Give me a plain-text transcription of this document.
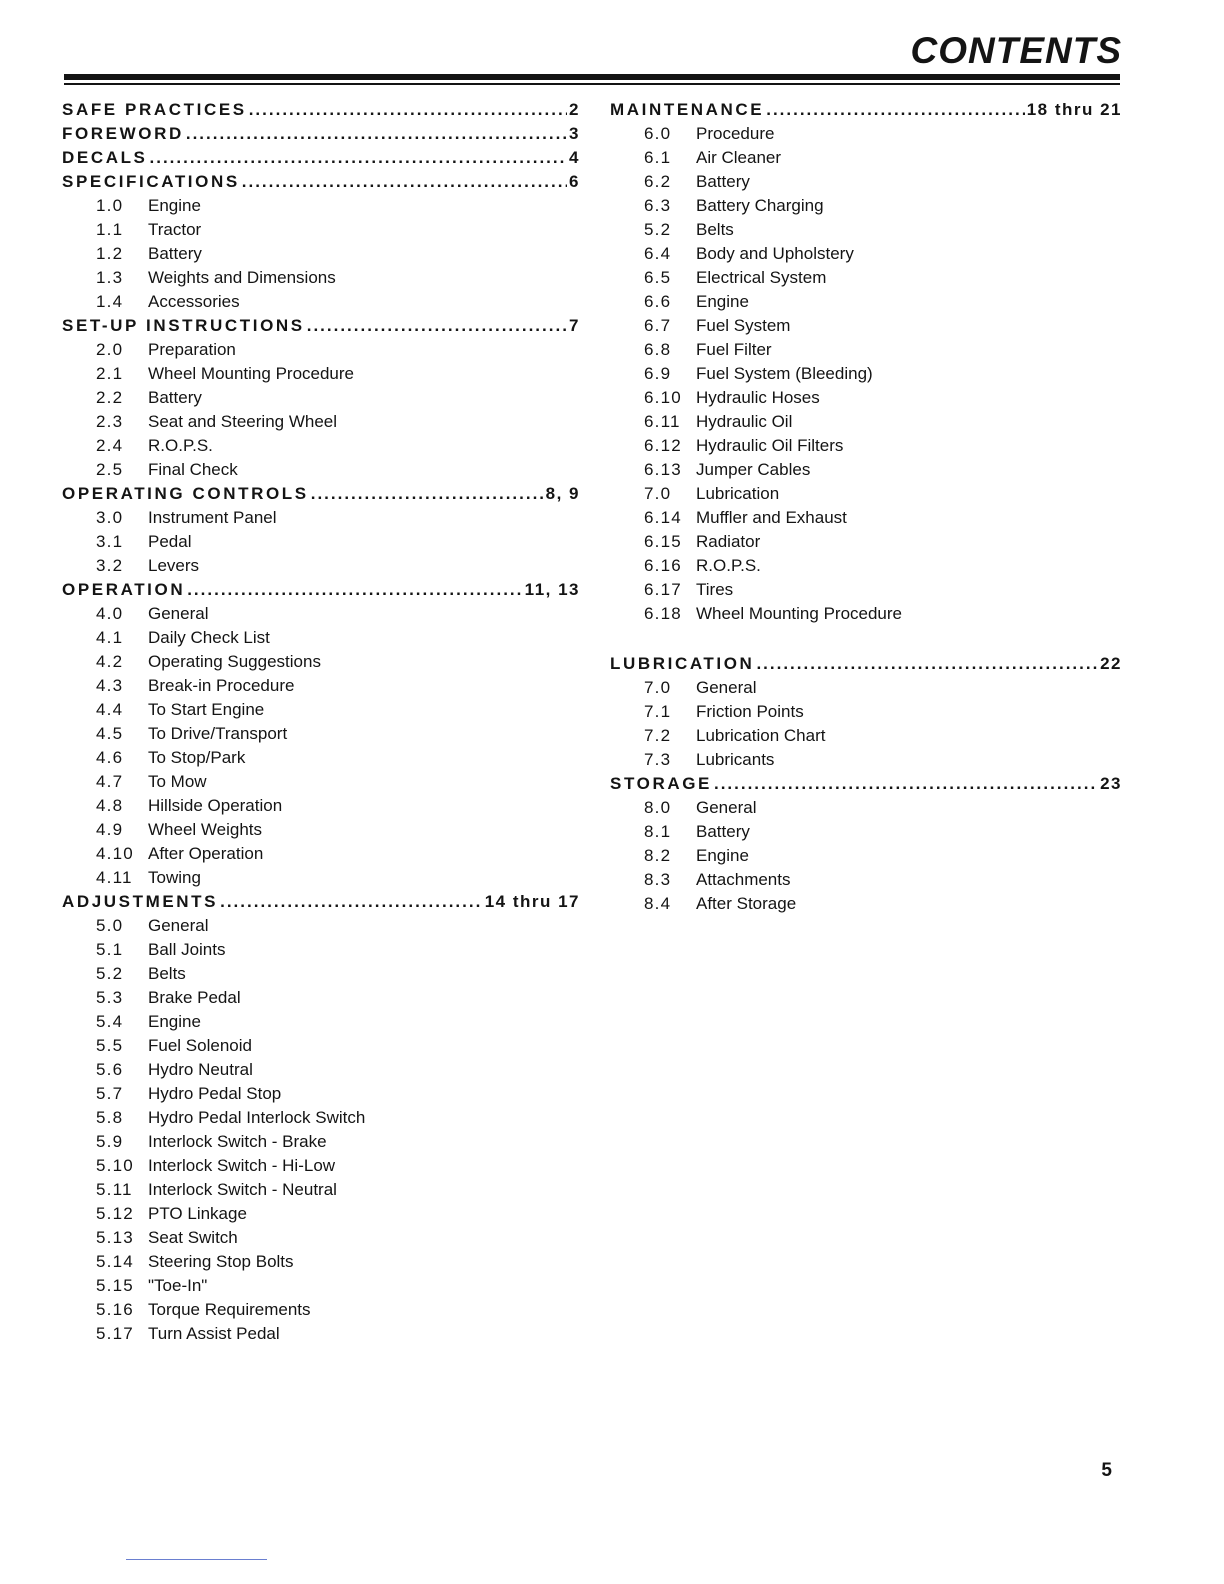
CONTENTS
SAFE PRACTICES .....	2
FOREWORD .....	3
DECALS .....	4
SPECIFICATIONS .....	6
1.0	Engine
1.1	Tractor
1.2	Battery
1.3	Weights and Dimensions
1.4	Accessories
SET-UP INSTRUCTIONS .....	7
2.0	Preparation
2.1	Wheel Mounting Procedure
2.2	Battery
2.3	Seat and Steering Wheel
2.4	R.O.P.S.
2.5	Final Check
OPERATING CONTROLS .....	8, 9
3.0	Instrument Panel
3.1	Pedal
3.2	Levers
OPERATION .....	11, 13
4.0	General
4.1	Daily Check List
4.2	Operating Suggestions
4.3	Break-in Procedure
4.4	To Start Engine
4.5	To Drive/Transport
4.6	To Stop/Park
4.7	To Mow
4.8	Hillside Operation
4.9	Wheel Weights
4.10 After Operation
4.11 Towing
ADJUSTMENTS .....	14 thru 17
5.0	General
5.1	Ball Joints
5.2	Belts
5.3	Brake Pedal
5.4	Engine
5.5	Fuel Solenoid
5.6	Hydro Neutral
5.7	Hydro Pedal Stop
5.8	Hydro Pedal Interlock Switch
5.9	Interlock Switch - Brake
5.10 Interlock Switch - Hi-Low
5.11 Interlock Switch - Neutral
5.12 PTO Linkage
5.13 Seat Switch
5.14 Steering Stop Bolts
5.15 "Toe-In"
5.16 Torque Requirements
5.17 Turn Assist Pedal
MAINTENANCE .....	18 thru 21
6.0	Procedure
6.1	Air Cleaner
6.2	Battery
6.3	Battery Charging
5.2	Belts
6.4	Body and Upholstery
6.5	Electrical System
6.6	Engine
6.7	Fuel System
6.8	Fuel Filter
6.9	Fuel System (Bleeding)
6.10 Hydraulic Hoses
6.11 Hydraulic Oil
6.12 Hydraulic Oil Filters
6.13 Jumper Cables
7.0	Lubrication
6.14 Muffler and Exhaust
6.15 Radiator
6.16 R.O.P.S.
6.17 Tires
6.18 Wheel Mounting Procedure
LUBRICATION .....	22
7.0	General
7.1	Friction Points
7.2	Lubrication Chart
7.3	Lubricants
STORAGE .....	23
8.0	General
8.1	Battery
8.2	Engine
8.3	Attachments
8.4	After Storage
5
